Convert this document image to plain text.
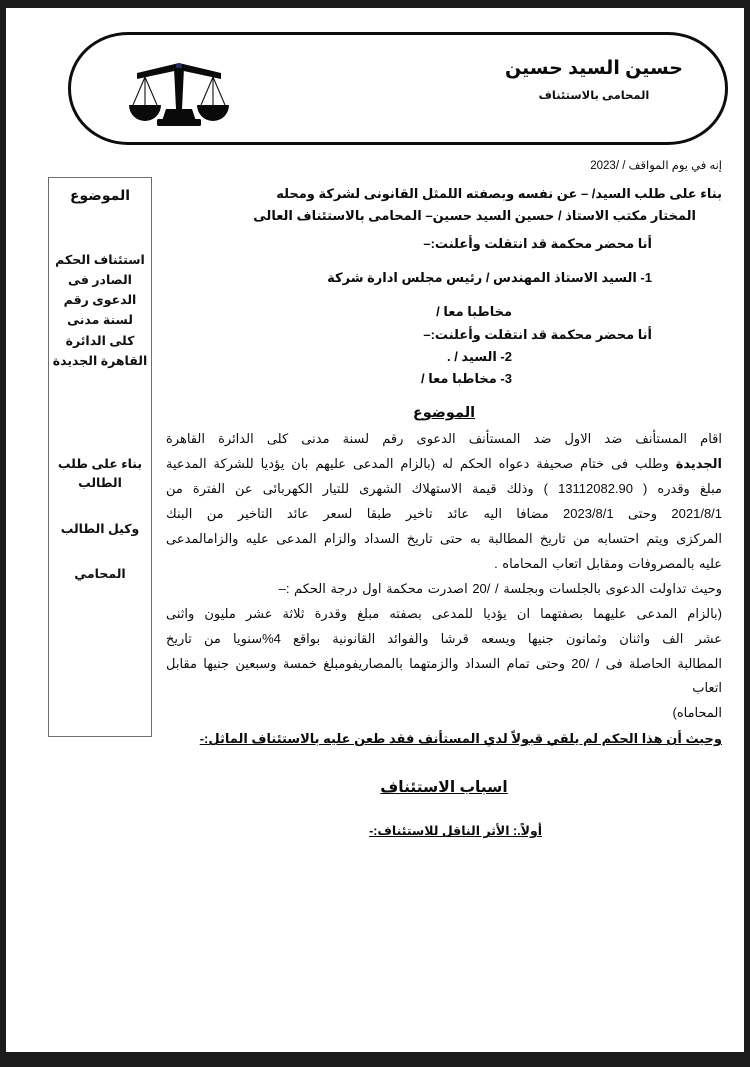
حسين السيد حسين
المحامى بالاستئناف
الموضوع
استئناف الحكم
الصادر فى
الدعوى رقم
لسنة مدنى
كلى الدائرة
القاهرة الجديدة
بناء على طلب
الطالب
وكيل الطالب
المحامي
إنه في يوم المواقف / /2023
بناء على طلب السيد/ – عن نفسه وبصفته اللمثل القانونى لشركة ومحله
المختار مكتب الاستاذ / حسين السيد حسين– المحامى بالاستئناف العالى
أنا محضر محكمة قد انتقلت وأعلنت:–
1- السيد الاستاذ المهندس / رئيس مجلس ادارة شركة
مخاطبا معا /
أنا محضر محكمة قد انتقلت وأعلنت:–
2- السيد / .
3- مخاطبا معا /
الموضوع

اقام المستأنف ضد الاول ضد المستأنف الدعوى رقم لسنة مدنى كلى الدائرة القاهرة

الجديدة وطلب فى ختام صحيفة دعواه الحكم له (بالزام المدعى عليهم بان يؤديا للشركة المدعية

مبلغ وقدره ( 13112082.90 ) وذلك قيمة الاستهلاك الشهرى للتيار الكهربائى عن الفترة من

2021/8/1 وحتى 2023/8/1 مضافا اليه عائد تاخير طبقا لسعر عائد التاخير من البنك

المركزى ويتم احتسابه من تاريخ المطالبة به حتى تاريخ السداد والزام المدعى عليه والزامالمدعى

عليه بالمصروفات ومقابل اتعاب المحاماه .

وحيث تداولت الدعوى بالجلسات وبجلسة / /20 اصدرت محكمة اول درجة الحكم :–

(بالزام المدعى عليهما بصفتهما ان يؤديا للمدعى بصفته مبلغ وقدرة ثلاثة عشر مليون واثنى

عشر الف واثنان وثمانون جنيها ويسعه قرشا والفوائد القانونية بواقع 4%سنويا من تاريخ

المطالبة الحاصلة فى / /20 وحتى تمام السداد والزمتهما بالمصاريفومبلغ خمسة وسبعين جنيها مقابل اتعاب

المحاماه)

وحيث أن هذا الحكم لم يلقي قبولاً لدي المستأنف فقد طعن عليه بالاستئناف الماثل:-
اسباب الاستئناف
أولاً.: الأثر الناقل للاستئناف:-
